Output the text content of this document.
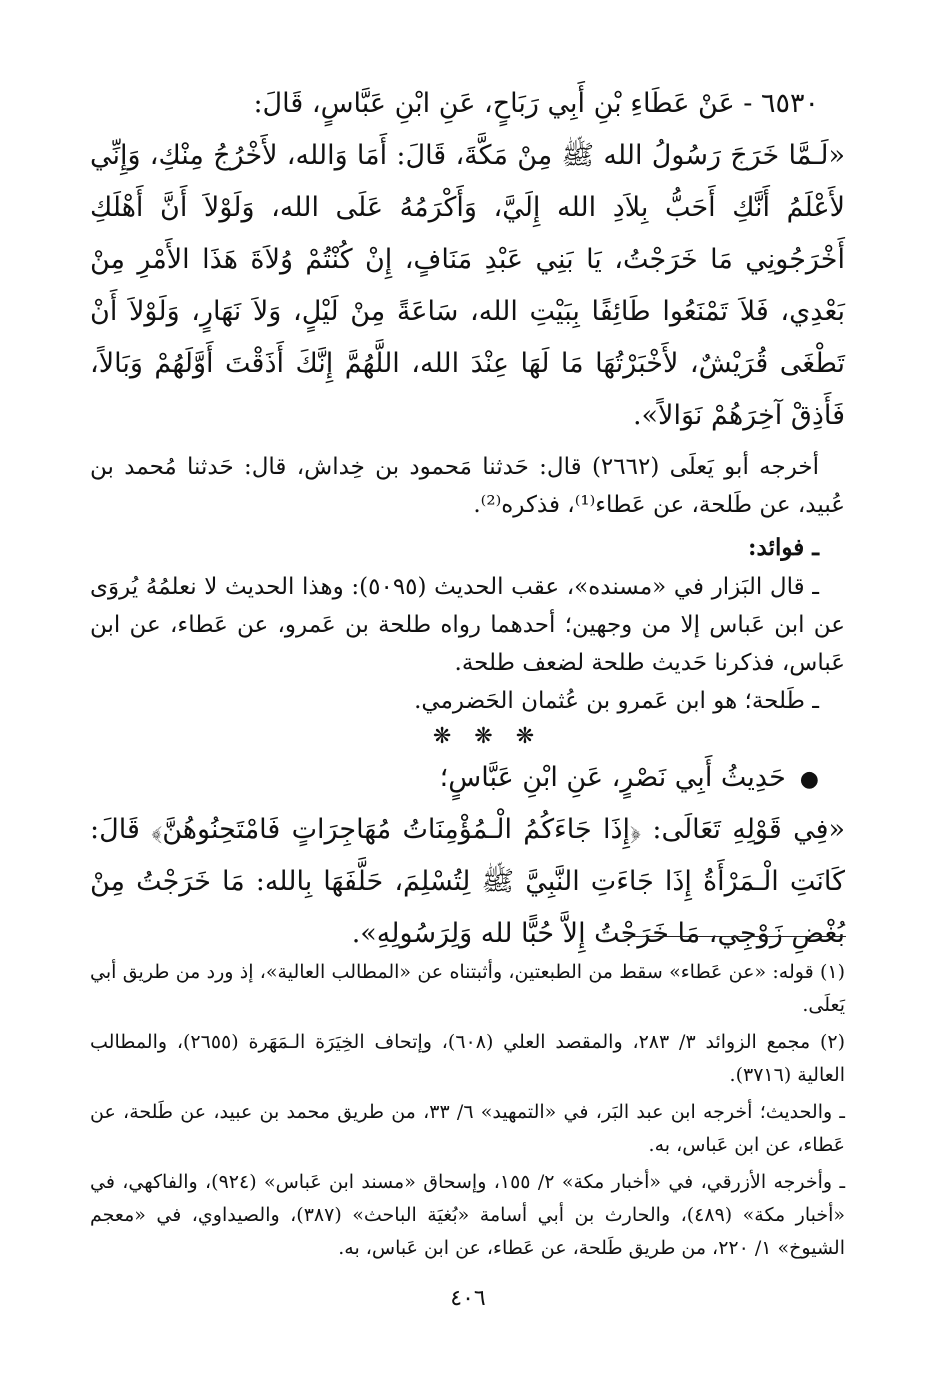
٦٥٣٠ - عَنْ عَطَاءِ بْنِ أَبِي رَبَاحٍ، عَنِ ابْنِ عَبَّاسٍ، قَالَ:

«لَـمَّا خَرَجَ رَسُولُ الله ﷺ مِنْ مَكَّةَ، قَالَ: أَمَا وَالله، لأَخْرُجُ مِنْكِ، وَإِنِّي لأَعْلَمُ أَنَّكِ أَحَبُّ بِلاَدِ الله إِلَيَّ، وَأَكْرَمُهُ عَلَى الله، وَلَوْلاَ أَنَّ أَهْلَكِ أَخْرَجُونِي مَا خَرَجْتُ، يَا بَنِي عَبْدِ مَنَافٍ، إِنْ كُنْتُمْ وُلاَةَ هَذَا الأَمْرِ مِنْ بَعْدِي، فَلاَ تَمْنَعُوا طَائِفًا بِبَيْتِ الله، سَاعَةً مِنْ لَيْلٍ، وَلاَ نَهَارٍ، وَلَوْلاَ أَنْ تَطْغَى قُرَيْشٌ، لأَخْبَرْتُهَا مَا لَهَا عِنْدَ الله، اللَّهُمَّ إِنَّكَ أَذَقْتَ أَوَّلَهُمْ وَبَالاً، فَأَذِقْ آخِرَهُمْ نَوَالاً».

أخرجه أبو يَعلَى (٢٦٦٢) قال: حَدثنا مَحمود بن خِداش، قال: حَدثنا مُحمد بن عُبيد، عن طَلحة، عن عَطاء⁽¹⁾، فذكره⁽²⁾.

ـ فوائد:

ـ قال البَزار في «مسنده»، عقب الحديث (٥٠٩٥): وهذا الحديث لا نعلمُهُ يُروَى عن ابن عَباس إلا من وجهين؛ أحدهما رواه طلحة بن عَمرو، عن عَطاء، عن ابن عَباس، فذكرنا حَديث طلحة لضعف طلحة.

ـ طَلحة؛ هو ابن عَمرو بن عُثمان الحَضرمي.

❋ ❋ ❋

●حَدِيثُ أَبِي نَصْرٍ، عَنِ ابْنِ عَبَّاسٍ؛

«فِي قَوْلِهِ تَعَالَى: ﴿إِذَا جَاءَكُمُ الْـمُؤْمِنَاتُ مُهَاجِرَاتٍ فَامْتَحِنُوهُنَّ﴾ قَالَ: كَانَتِ الْـمَرْأَةُ إِذَا جَاءَتِ النَّبِيَّ ﷺ لِتُسْلِمَ، حَلَّفَهَا بِالله: مَا خَرَجْتُ مِنْ بُغْضِ زَوْجِي، مَا خَرَجْتُ إِلاَّ حُبًّا لله وَلِرَسُولِهِ».

(١) قوله: «عن عَطاء» سقط من الطبعتين، وأثبتناه عن «المطالب العالية»، إذ ورد من طريق أبي يَعلَى.

(٢) مجمع الزوائد ٣/ ٢٨٣، والمقصد العلي (٦٠٨)، وإتحاف الخِيَرَة الـمَهَرة (٢٦٥٥)، والمطالب العالية (٣٧١٦).

ـ والحديث؛ أخرجه ابن عبد البَر، في «التمهيد» ٦/ ٣٣، من طريق محمد بن عبيد، عن طَلحة، عن عَطاء، عن ابن عَباس، به.

ـ وأخرجه الأزرقي، في «أخبار مكة» ٢/ ١٥٥، وإسحاق «مسند ابن عَباس» (٩٢٤)، والفاكهي، في «أخبار مكة» (٤٨٩)، والحارث بن أبي أسامة «بُغيَة الباحث» (٣٨٧)، والصيداوي، في «معجم الشيوخ» ١/ ٢٢٠، من طريق طَلحة، عن عَطاء، عن ابن عَباس، به.

٤٠٦
